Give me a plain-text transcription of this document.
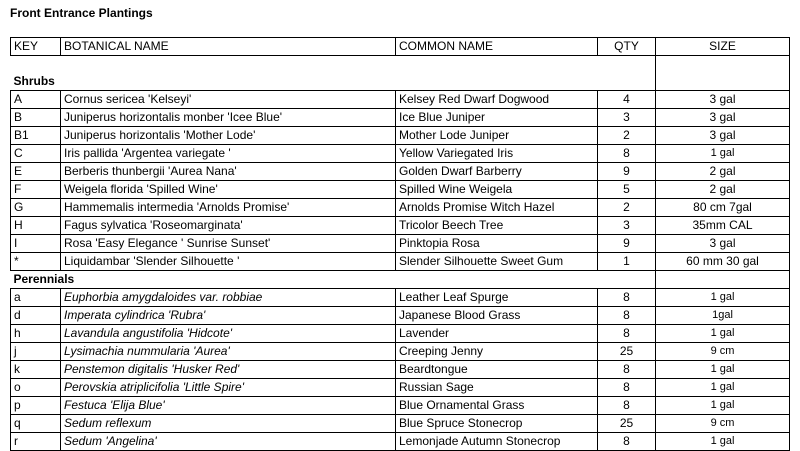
Front Entrance Plantings
KEY	BOTANICAL NAME	COMMON NAME	QTY	SIZE

Shrubs				
A	Cornus sericea 'Kelseyi'	Kelsey Red Dwarf Dogwood	4	3 gal
B	Juniperus horizontalis monber 'Icee Blue'	Ice Blue Juniper	3	3 gal
B1	Juniperus horizontalis 'Mother Lode'	Mother Lode Juniper	2	3 gal
C	Iris pallida 'Argentea variegate '	Yellow Variegated Iris	8	1 gal
E	Berberis thunbergii 'Aurea Nana'	Golden Dwarf Barberry	9	2 gal
F	Weigela florida 'Spilled Wine'	Spilled Wine Weigela	5	2 gal
G	Hammemalis intermedia 'Arnolds Promise'	Arnolds Promise Witch Hazel	2	80 cm 7gal
H	Fagus sylvatica 'Roseomarginata'	Tricolor Beech Tree	3	35mm CAL
I	Rosa 'Easy Elegance ' Sunrise Sunset'	Pinktopia Rosa	9	3 gal
*	Liquidambar 'Slender Silhouette '	Slender Silhouette Sweet Gum	1	60 mm 30 gal
Perennials				
a	Euphorbia amygdaloides var. robbiae	Leather Leaf Spurge	8	1 gal
d	Imperata cylindrica 'Rubra'	Japanese Blood Grass	8	1gal
h	Lavandula angustifolia 'Hidcote'	Lavender	8	1 gal
j	Lysimachia nummularia 'Aurea'	Creeping Jenny	25	9 cm
k	Penstemon digitalis 'Husker Red'	Beardtongue	8	1 gal
o	Perovskia atriplicifolia 'Little Spire'	Russian Sage	8	1 gal
p	Festuca 'Elija Blue'	Blue Ornamental Grass	8	1 gal
q	Sedum reflexum	Blue Spruce Stonecrop	25	9 cm
r	Sedum 'Angelina'	Lemonjade Autumn Stonecrop	8	1 gal
